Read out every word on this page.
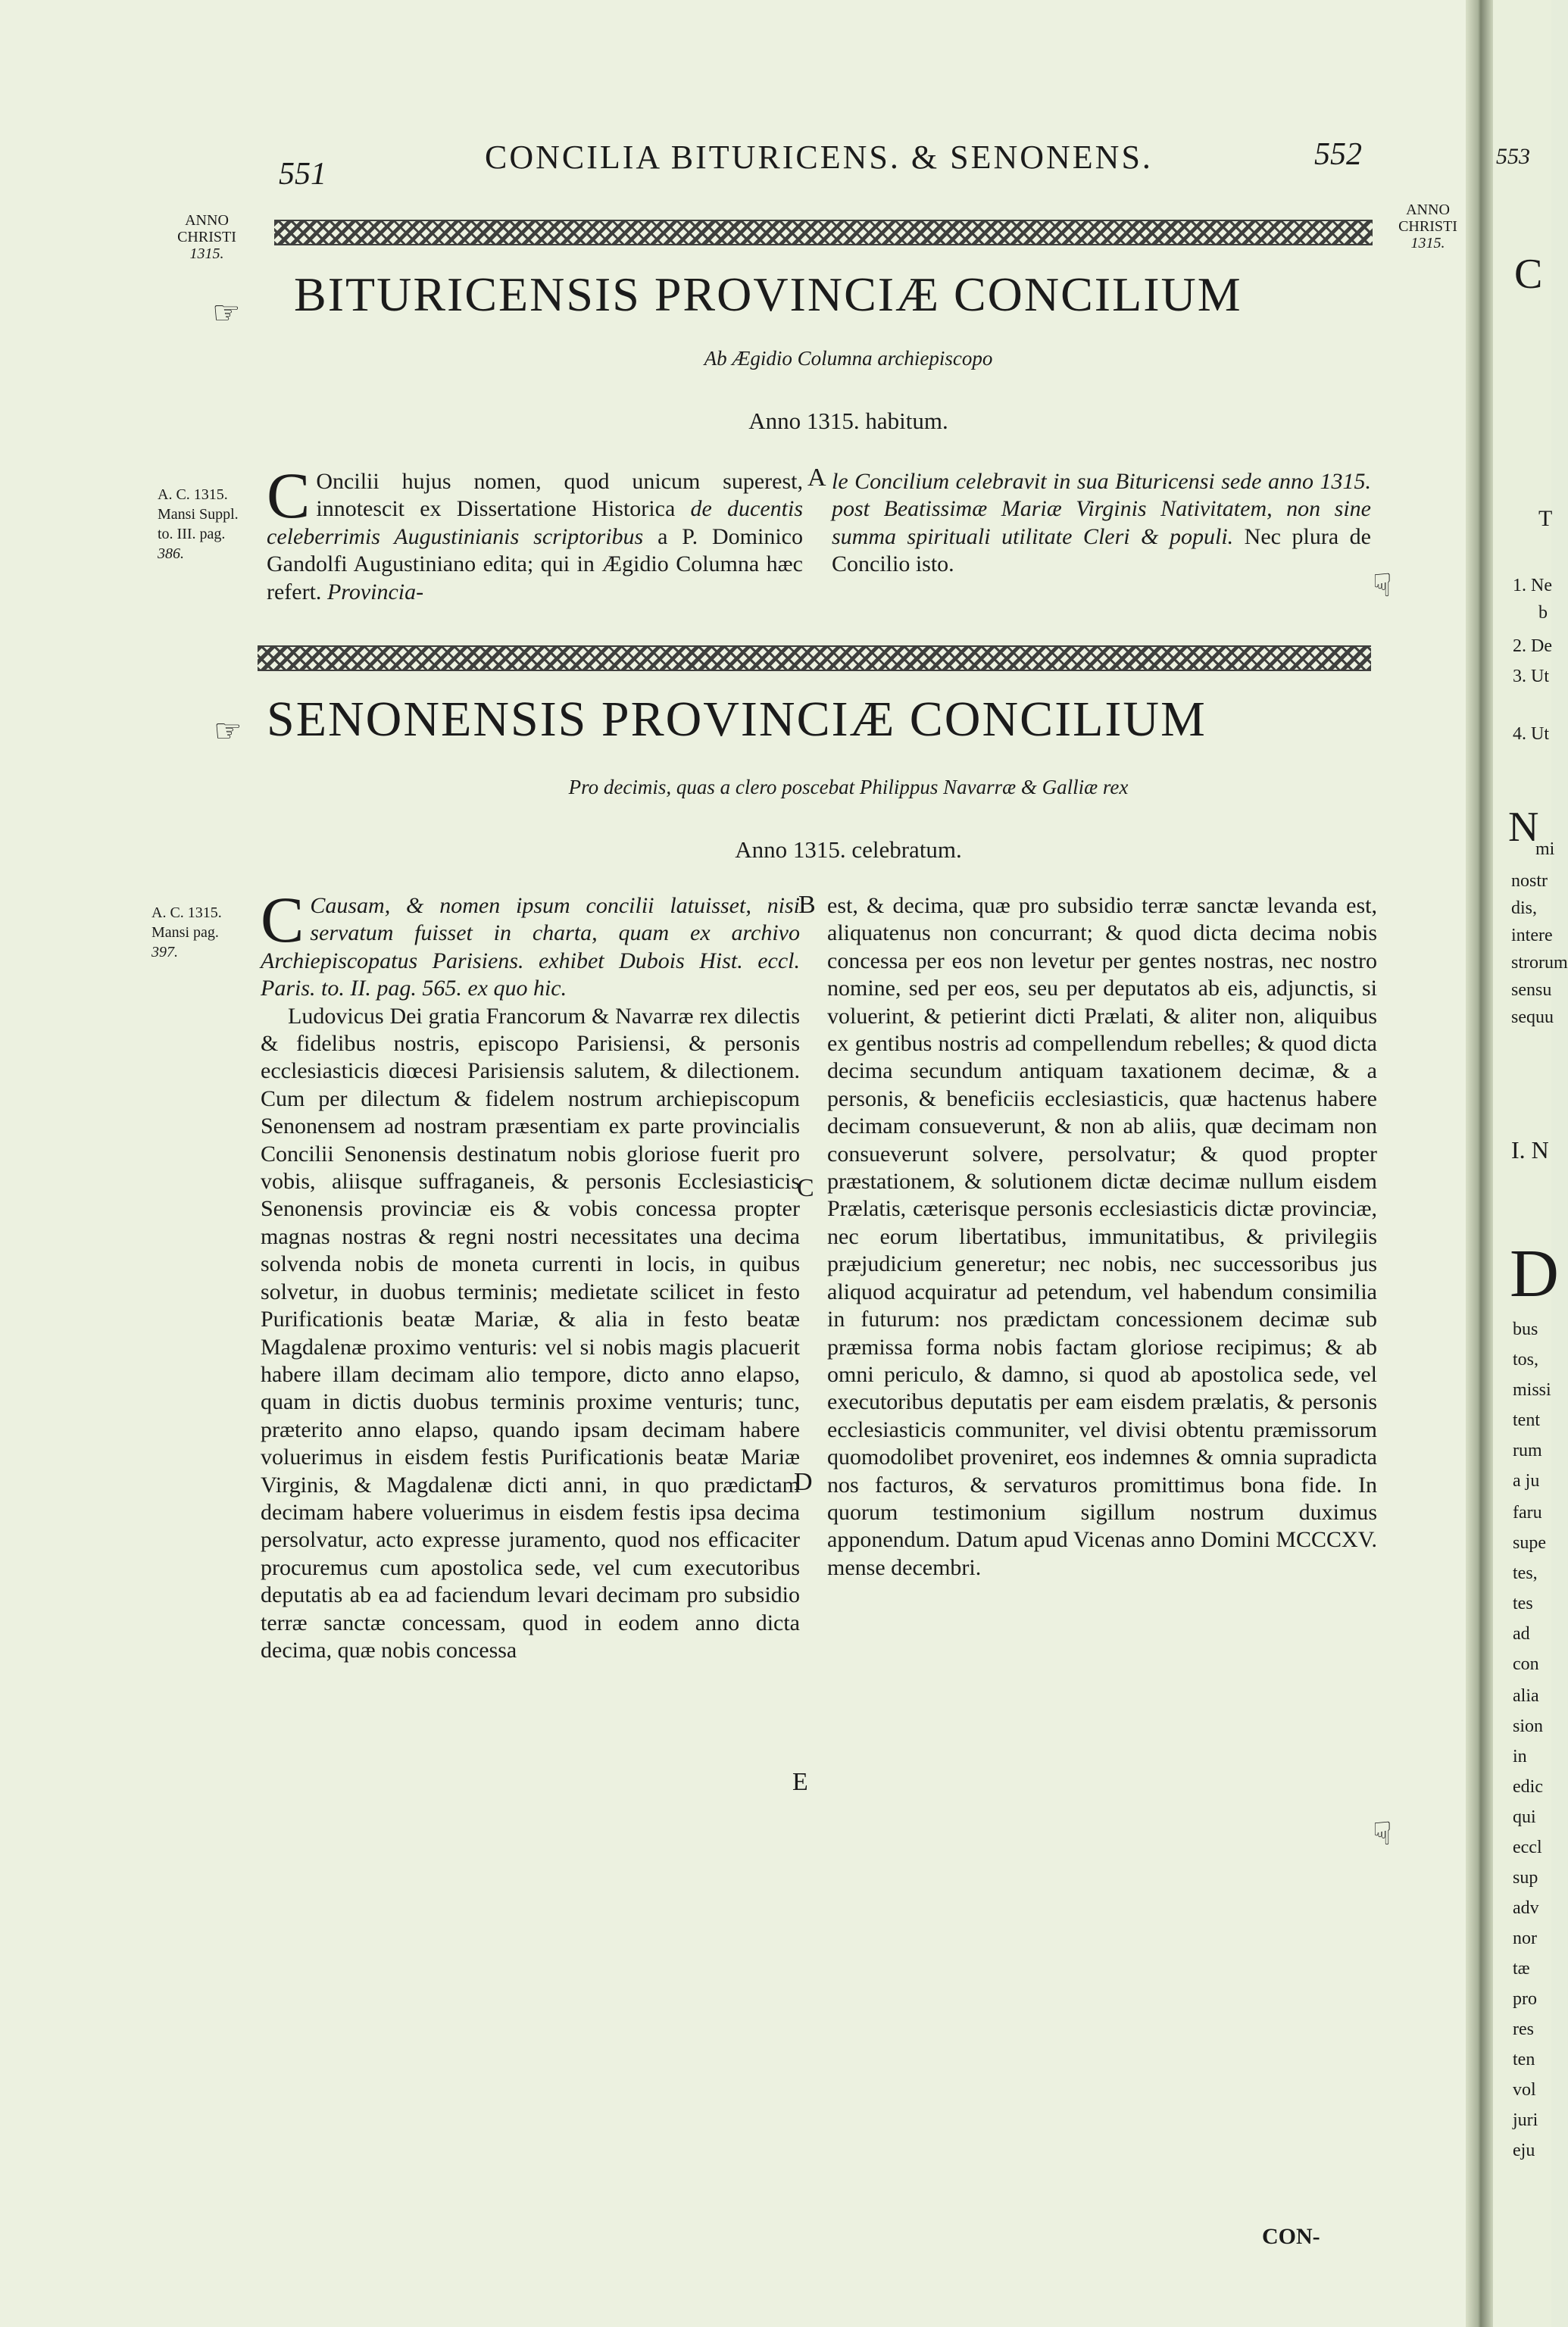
551	CONCILIA BITURICENS. & SENONENS.	552
ANNO
CHRISTI
1315.
ANNO
CHRISTI
1315.
☞ BITURICENSIS PROVINCIÆ CONCILIUM
Ab Ægidio Columna archiepiscopo
Anno 1315. habitum.
A. C. 1315.
Mansi Suppl.
to. III. pag.
386.

C Oncilii hujus nomen, quod unicum superest, innotescit ex Dissertatione Historica de ducentis celeberrimis Augustinianis scriptoribus a P. Dominico Gandolfi Augustiniano edita; qui in Ægidio Columna hæc refert. Provincia-

A le Concilium celebravit in sua Bituricensi sede anno 1315. post Beatissimæ Mariæ Virginis Nativitatem, non sine summa spirituali utilitate Cleri & populi. Nec plura de Concilio isto.

☟
☞ SENONENSIS PROVINCIÆ CONCILIUM
Pro decimis, quas a clero poscebat Philippus Navarræ & Galliæ rex
Anno 1315. celebratum.
A. C. 1315.
Mansi pag.
397.	C Causam, & nomen ipsum concilii latuisset, nisi servatum fuisset in charta, quam ex archivo Archiepiscopatus Parisiens. exhibet Dubois Hist. eccl. Paris. to. II. pag. 565. ex quo hic.

Ludovicus Dei gratia Francorum & Navarræ rex dilectis & fidelibus nostris, episcopo Parisiensi, & personis ecclesiasticis diœcesi Parisiensis salutem, & dilectionem. Cum per dilectum & fidelem nostrum archiepiscopum Senonensem ad nostram præsentiam ex parte provincialis Concilii Senonensis destinatum nobis gloriose fuerit pro vobis, aliisque suffraganeis, & personis Ecclesiasticis Senonensis provinciæ eis & vobis concessa propter magnas nostras & regni nostri necessitates una decima solvenda nobis de moneta currenti in locis, in quibus solvetur, in duobus terminis; medietate scilicet in festo Purificationis beatæ Mariæ, & alia in festo beatæ Magdalenæ proximo venturis: vel si nobis magis placuerit habere illam decimam alio tempore, dicto anno elapso, quam in dictis duobus terminis proxime venturis; tunc, præterito anno elapso, quando ipsam decimam habere voluerimus in eisdem festis Purificationis beatæ Mariæ Virginis, & Magdalenæ dicti anni, in quo prædictam decimam habere voluerimus in eisdem festis ipsa decima persolvatur, acto expresse juramento, quod nos efficaciter procuremus cum apostolica sede, vel cum executoribus deputatis ab ea ad faciendum levari decimam pro subsidio terræ sanctæ concessam, quod in eodem anno dicta decima, quæ nobis concessa

B
C
D
E

est, & decima, quæ pro subsidio terræ sanctæ levanda est, aliquatenus non concurrant; & quod dicta decima nobis concessa per eos non levetur per gentes nostras, nec nostro nomine, sed per eos, seu per deputatos ab eis, adjunctis, si voluerint, & petierint dicti Prælati, & aliter non, aliquibus ex gentibus nostris ad compellendum rebelles; & quod dicta decima secundum antiquam taxationem decimæ, & a personis, & beneficiis ecclesiasticis, quæ hactenus habere decimam consueverunt, & non ab aliis, quæ decimam non consueverunt solvere, persolvatur; & quod propter præstationem, & solutionem dictæ decimæ nullum eisdem Prælatis, cæterisque personis ecclesiasticis dictæ provinciæ, nec eorum libertatibus, immunitatibus, & privilegiis præjudicium generetur; nec nobis, nec successoribus jus aliquod acquiratur ad petendum, vel habendum consimilia in futurum: nos prædictam concessionem decimæ sub præmissa forma nobis factam gloriose recipimus; & ab omni periculo, & damno, si quod ab apostolica sede, vel executoribus deputatis per eam eisdem prælatis, & personis ecclesiasticis communiter, vel divisi obtentu præmissorum quomodolibet proveniret, eos indemnes & omnia supradicta nos facturos, & servaturos promittimus bona fide. In quorum testimonium sigillum nostrum duximus apponendum. Datum apud Vicenas anno Domini MCCCXV. mense decembri.

☟
CON-
553
C
T
1. Ne
b
2. De
3. Ut
4. Ut
N
mi
nostr
dis,
intere
strorum
sensu
sequu
I. N
D
bus
tos,
missi
tent
rum
a ju
faru
supe
tes,
tes
ad
con
alia
sion
in
edic
qui
eccl
sup
adv
nor
tæ
pro
res
ten
vol
juri
eju
